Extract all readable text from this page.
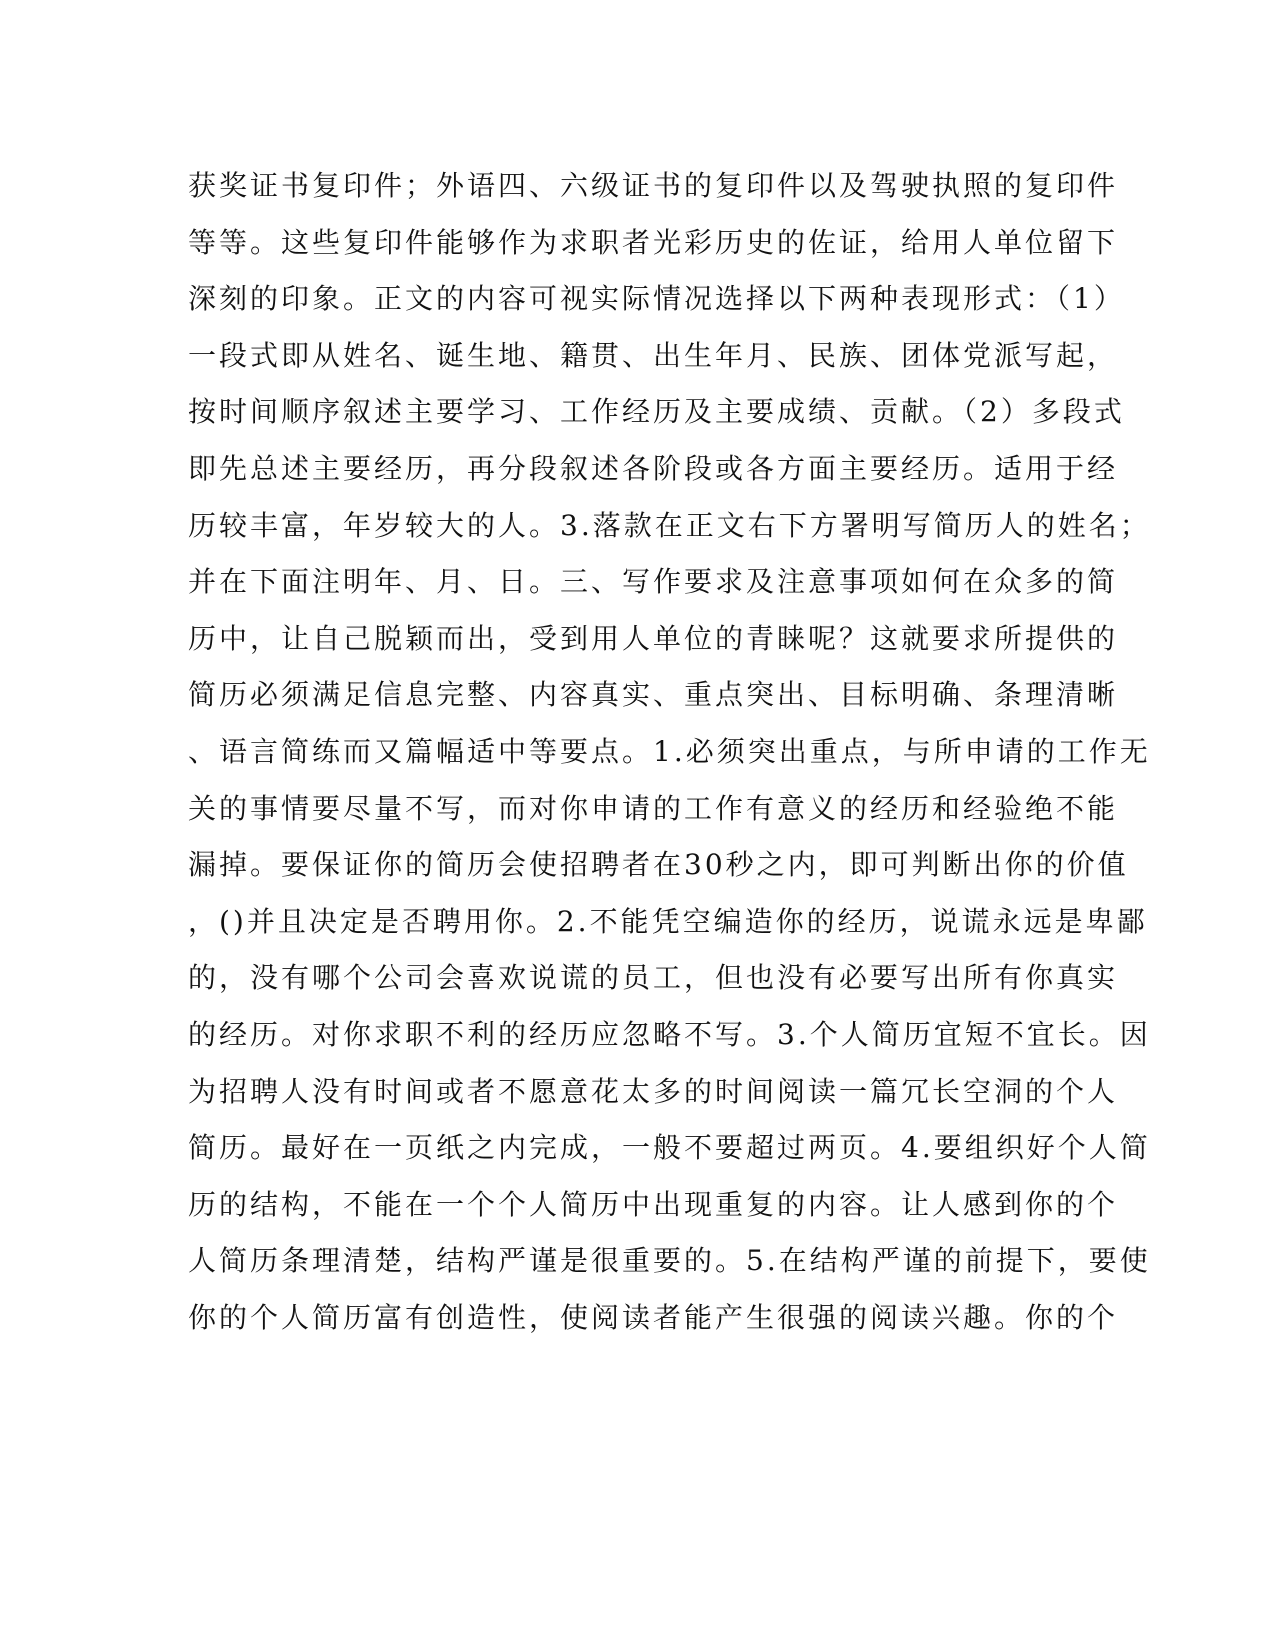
获奖证书复印件；外语四、六级证书的复印件以及驾驶执照的复印件
等等。这些复印件能够作为求职者光彩历史的佐证，给用人单位留下
深刻的印象。正文的内容可视实际情况选择以下两种表现形式：（1）
一段式即从姓名、诞生地、籍贯、出生年月、民族、团体党派写起，
按时间顺序叙述主要学习、工作经历及主要成绩、贡献。（2）多段式
即先总述主要经历，再分段叙述各阶段或各方面主要经历。适用于经
历较丰富，年岁较大的人。3.落款在正文右下方署明写简历人的姓名；
并在下面注明年、月、日。三、写作要求及注意事项如何在众多的简
历中，让自己脱颖而出，受到用人单位的青睐呢？这就要求所提供的
简历必须满足信息完整、内容真实、重点突出、目标明确、条理清晰
、语言简练而又篇幅适中等要点。1.必须突出重点，与所申请的工作无
关的事情要尽量不写，而对你申请的工作有意义的经历和经验绝不能
漏掉。要保证你的简历会使招聘者在30秒之内，即可判断出你的价值
，()并且决定是否聘用你。2.不能凭空编造你的经历，说谎永远是卑鄙
的，没有哪个公司会喜欢说谎的员工，但也没有必要写出所有你真实
的经历。对你求职不利的经历应忽略不写。3.个人简历宜短不宜长。因
为招聘人没有时间或者不愿意花太多的时间阅读一篇冗长空洞的个人
简历。最好在一页纸之内完成，一般不要超过两页。4.要组织好个人简
历的结构，不能在一个个人简历中出现重复的内容。让人感到你的个
人简历条理清楚，结构严谨是很重要的。5.在结构严谨的前提下，要使
你的个人简历富有创造性，使阅读者能产生很强的阅读兴趣。你的个
